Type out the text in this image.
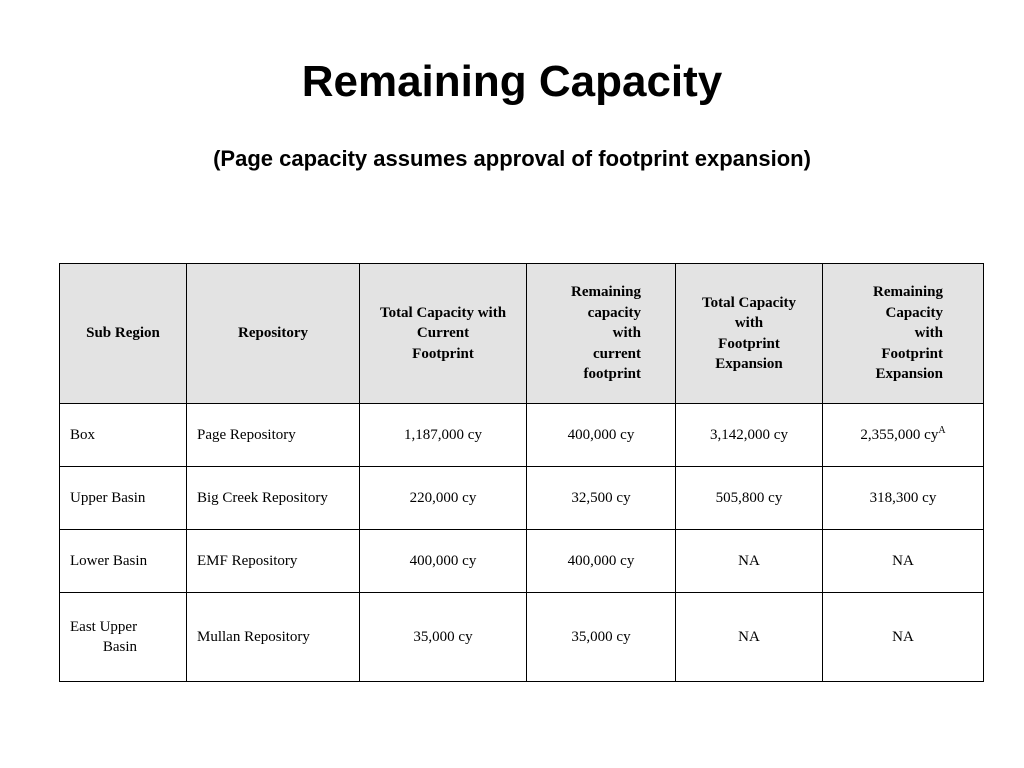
Remaining Capacity
(Page capacity assumes approval of footprint expansion)
Sub Region	Repository	Total Capacity with
Current
Footprint	Remaining
capacity
with
current
footprint	Total Capacity
with
Footprint
Expansion	Remaining
Capacity
with
Footprint
Expansion
Box	Page Repository	1,187,000 cy	400,000 cy	3,142,000 cy	2,355,000 $cy^A$
Upper Basin	Big Creek Repository	220,000 cy	32,500 cy	505,800 cy	318,300 cy
Lower Basin	EMF Repository	400,000 cy	400,000 cy	NA	NA
East Upper
Basin	Mullan Repository	35,000 cy	35,000 cy	NA	NA
